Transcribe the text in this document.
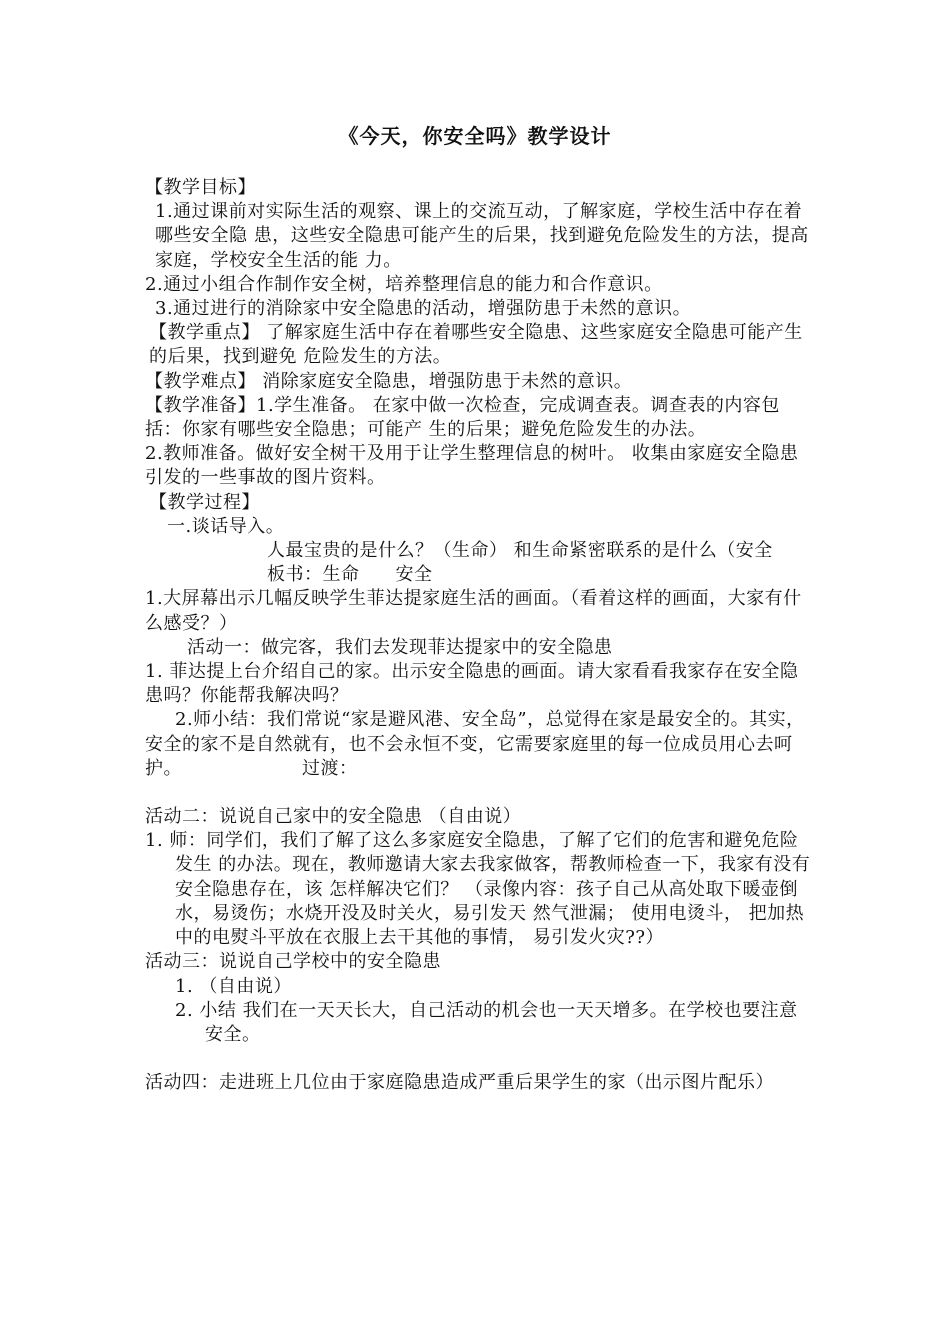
《今天，你安全吗》教学设计

【教学目标】

1.通过课前对实际生活的观察、课上的交流互动，了解家庭，学校生活中存在着哪些安全隐 患，这些安全隐患可能产生的后果，找到避免危险发生的方法，提高家庭，学校安全生活的能 力。

2.通过小组合作制作安全树，培养整理信息的能力和合作意识。

3.通过进行的消除家中安全隐患的活动，增强防患于未然的意识。

【教学重点】 了解家庭生活中存在着哪些安全隐患、这些家庭安全隐患可能产生的后果，找到避免 危险发生的方法。

【教学难点】 消除家庭安全隐患，增强防患于未然的意识。

【教学准备】1.学生准备。 在家中做一次检查，完成调查表。调查表的内容包括：你家有哪些安全隐患；可能产 生的后果；避免危险发生的办法。

2.教师准备。做好安全树干及用于让学生整理信息的树叶。 收集由家庭安全隐患引发的一些事故的图片资料。

【教学过程】

一.谈话导入。

人最宝贵的是什么？（生命） 和生命紧密联系的是什么（安全

板书：生命 安全

1.大屏幕出示几幅反映学生菲达提家庭生活的画面。（看着这样的画面，大家有什么感受？）

活动一：做完客，我们去发现菲达提家中的安全隐患

1. 菲达提上台介绍自己的家。出示安全隐患的画面。请大家看看我家存在安全隐患吗？你能帮我解决吗？

2.师小结：我们常说“家是避风港、安全岛”，总觉得在家是最安全的。其实，安全的家不是自然就有，也不会永恒不变，它需要家庭里的每一位成员用心去呵护。	过渡：

活动二：说说自己家中的安全隐患 （自由说）

1. 师：同学们，我们了解了这么多家庭安全隐患，了解了它们的危害和避免危险发生 的办法。现在，教师邀请大家去我家做客，帮教师检查一下，我家有没有安全隐患存在，该 怎样解决它们？ （录像内容：孩子自己从高处取下暖壶倒水，易烫伤；水烧开没及时关火，易引发天 然气泄漏； 使用电烫斗， 把加热中的电熨斗平放在衣服上去干其他的事情， 易引发火灾??）

活动三：说说自己学校中的安全隐患

1. （自由说）

2. 小结 我们在一天天长大，自己活动的机会也一天天增多。在学校也要注意安全。

活动四：走进班上几位由于家庭隐患造成严重后果学生的家（出示图片配乐）
